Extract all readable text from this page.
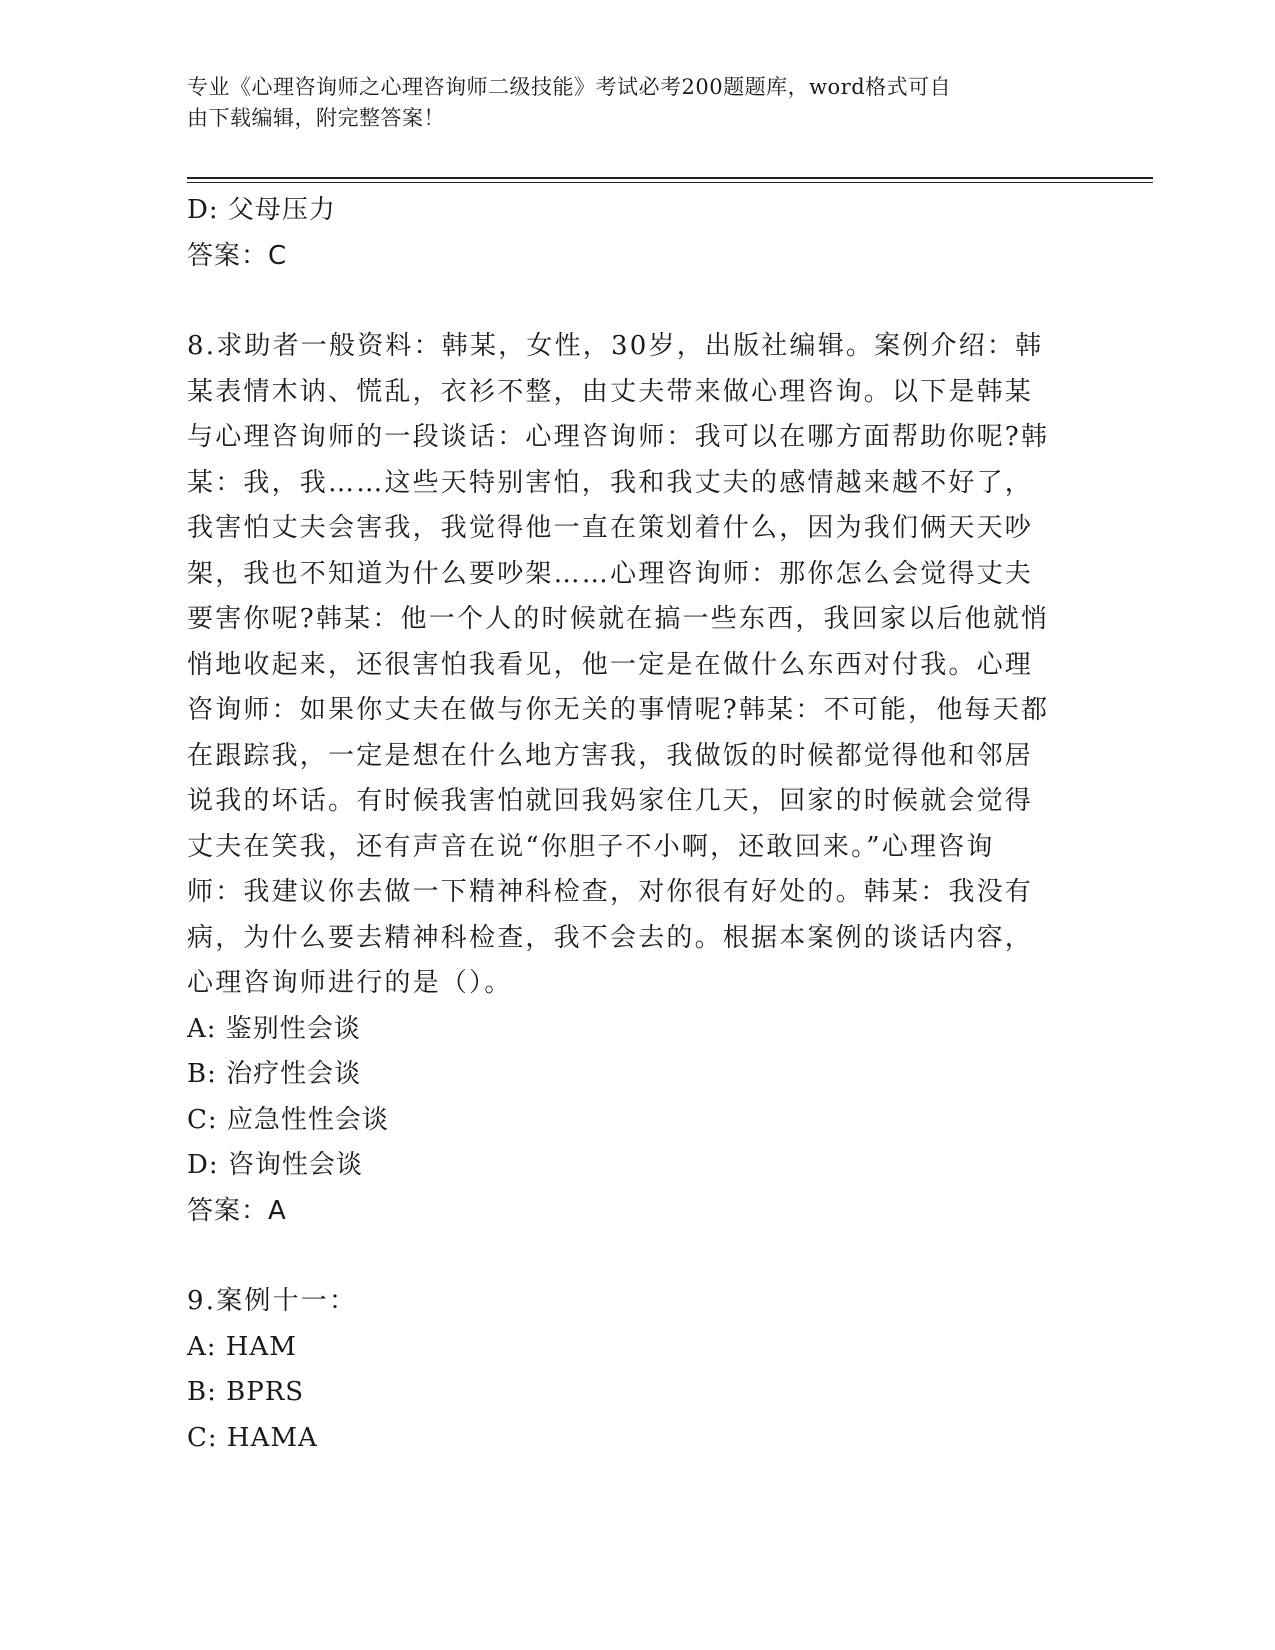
专业《心理咨询师之心理咨询师二级技能》考试必考200题题库，word格式可自
由下载编辑，附完整答案！
D: 父母压力
答案：C
8.求助者一般资料：韩某，女性，30岁，出版社编辑。案例介绍：韩
某表情木讷、慌乱，衣衫不整，由丈夫带来做心理咨询。以下是韩某
与心理咨询师的一段谈话：心理咨询师：我可以在哪方面帮助你呢?韩
某：我，我……这些天特别害怕，我和我丈夫的感情越来越不好了，
我害怕丈夫会害我，我觉得他一直在策划着什么，因为我们俩天天吵
架，我也不知道为什么要吵架……心理咨询师：那你怎么会觉得丈夫
要害你呢?韩某：他一个人的时候就在搞一些东西，我回家以后他就悄
悄地收起来，还很害怕我看见，他一定是在做什么东西对付我。心理
咨询师：如果你丈夫在做与你无关的事情呢?韩某：不可能，他每天都
在跟踪我，一定是想在什么地方害我，我做饭的时候都觉得他和邻居
说我的坏话。有时候我害怕就回我妈家住几天，回家的时候就会觉得
丈夫在笑我，还有声音在说“你胆子不小啊，还敢回来。”心理咨询
师：我建议你去做一下精神科检查，对你很有好处的。韩某：我没有
病，为什么要去精神科检查，我不会去的。根据本案例的谈话内容，
心理咨询师进行的是（）。
A: 鉴别性会谈
B: 治疗性会谈
C: 应急性性会谈
D: 咨询性会谈
答案：A
9.案例十一：
A: HAM
B: BPRS
C: HAMA
